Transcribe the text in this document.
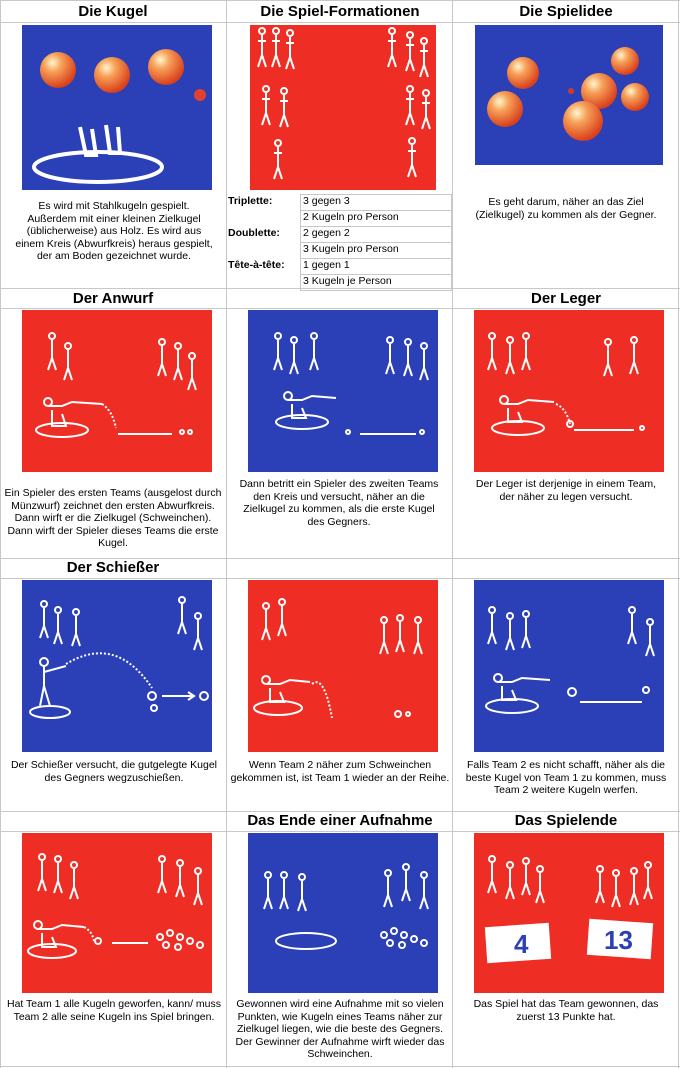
Die Kugel	Die Spiel-Formationen	Die Spielidee
Der Anwurf	Der Leger
Der Schießer
Das Ende einer Aufnahme	Das Spielende
Es wird mit Stahlkugeln gespielt. Außerdem mit einer kleinen Zielkugel (üblicherweise) aus Holz. Es wird aus einem Kreis (Abwurfkreis) heraus gespielt, der am Boden gezeichnet wurde.
Triplette:	3 gegen 3
	2 Kugeln pro Person
Doublette:	2 gegen 2
	3 Kugeln pro Person
Tête-à-tête:	1 gegen 1
	3 Kugeln je Person
Es geht darum, näher an das Ziel (Zielkugel) zu kommen als der Gegner.
Ein Spieler des ersten Teams (ausgelost durch Münzwurf) zeichnet den ersten Abwurfkreis. Dann wirft er die Zielkugel (Schweinchen). Dann wirft der Spieler dieses Teams die erste Kugel.
Dann betritt ein Spieler des zweiten Teams den Kreis und versucht, näher an die Zielkugel zu kommen, als die erste Kugel des Gegners.
Der Leger ist derjenige in einem Team, der näher zu legen versucht.
Der Schießer versucht, die gutgelegte Kugel des Gegners wegzuschießen.
Wenn Team 2 näher zum Schweinchen gekommen ist, ist Team 1 wieder an der Reihe.
Falls Team 2 es nicht schafft, näher als die beste Kugel von Team 1 zu kommen, muss Team 2 weitere Kugeln werfen.
4	13
Hat Team 1 alle Kugeln geworfen, kann/ muss Team 2 alle seine Kugeln ins Spiel bringen.
Gewonnen wird eine Aufnahme mit so vielen Punkten, wie Kugeln eines Teams näher zur Zielkugel liegen, wie die beste des Gegners. Der Gewinner der Aufnahme wirft wieder das Schweinchen.
Das Spiel hat das Team gewonnen, das zuerst 13 Punkte hat.
